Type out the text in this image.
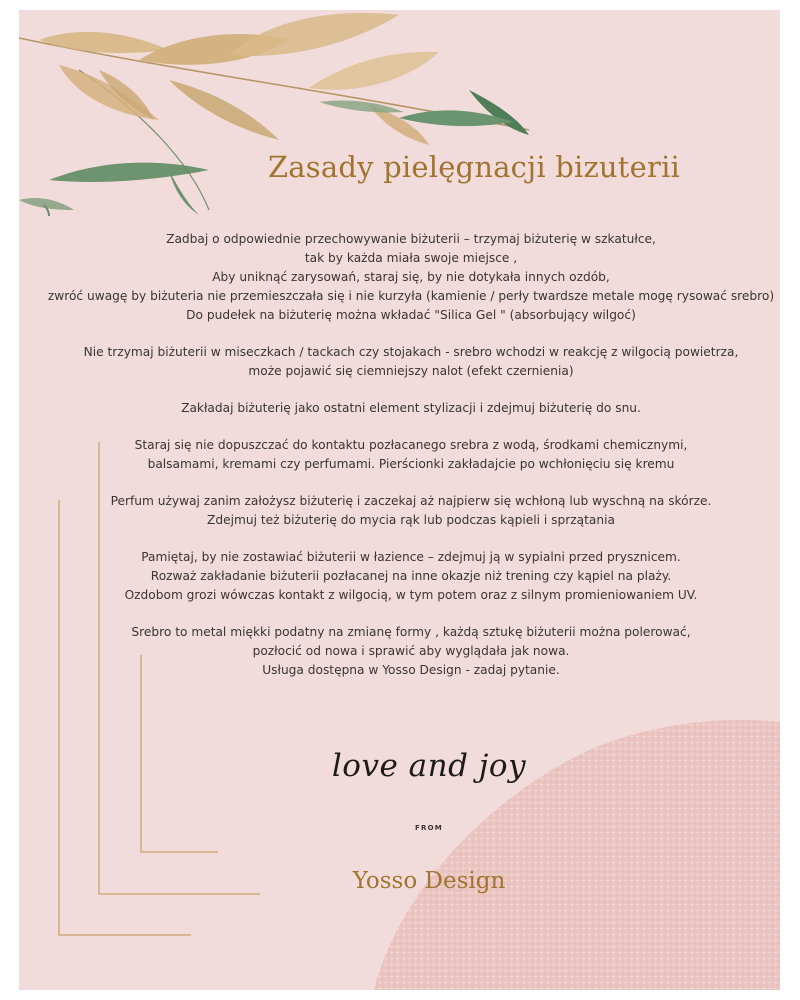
Zasady pielęgnacji bizuterii
Zadbaj o odpowiednie przechowywanie biżuterii – trzymaj biżuterię w szkatułce,
tak by każda miała swoje miejsce ,
Aby uniknąć zarysowań, staraj się, by nie dotykała innych ozdób,
zwróć uwagę by biżuteria nie przemieszczała się i nie kurzyła (kamienie / perły twardsze metale mogę rysować srebro)
Do pudełek na biżuterię można wkładać "Silica Gel " (absorbujący wilgoć)
Nie trzymaj biżuterii w miseczkach / tackach czy stojakach - srebro wchodzi w reakcję z wilgocią powietrza,
może pojawić się ciemniejszy nalot (efekt czernienia)
Zakładaj biżuterię jako ostatni element stylizacji i zdejmuj biżuterię do snu.
Staraj się nie dopuszczać do kontaktu pozłacanego srebra z wodą, środkami chemicznymi,
balsamami, kremami czy perfumami. Pierścionki zakładajcie po wchłonięciu się kremu
Perfum używaj zanim założysz biżuterię i zaczekaj aż najpierw się wchłoną lub wyschną na skórze.
Zdejmuj też biżuterię do mycia rąk lub podczas kąpieli i sprzątania
Pamiętaj, by nie zostawiać biżuterii w łazience – zdejmuj ją w sypialni przed prysznicem.
Rozważ zakładanie biżuterii pozłacanej na inne okazje niż trening czy kąpiel na plaży.
Ozdobom grozi wówczas kontakt z wilgocią, w tym potem oraz z silnym promieniowaniem UV.
Srebro to metal miękki podatny na zmianę formy , każdą sztukę biżuterii można polerować,
pozłocić od nowa i sprawić aby wyglądała jak nowa.
Usługa dostępna w Yosso Design - zadaj pytanie.
love and joy
FROM
Yosso Design
